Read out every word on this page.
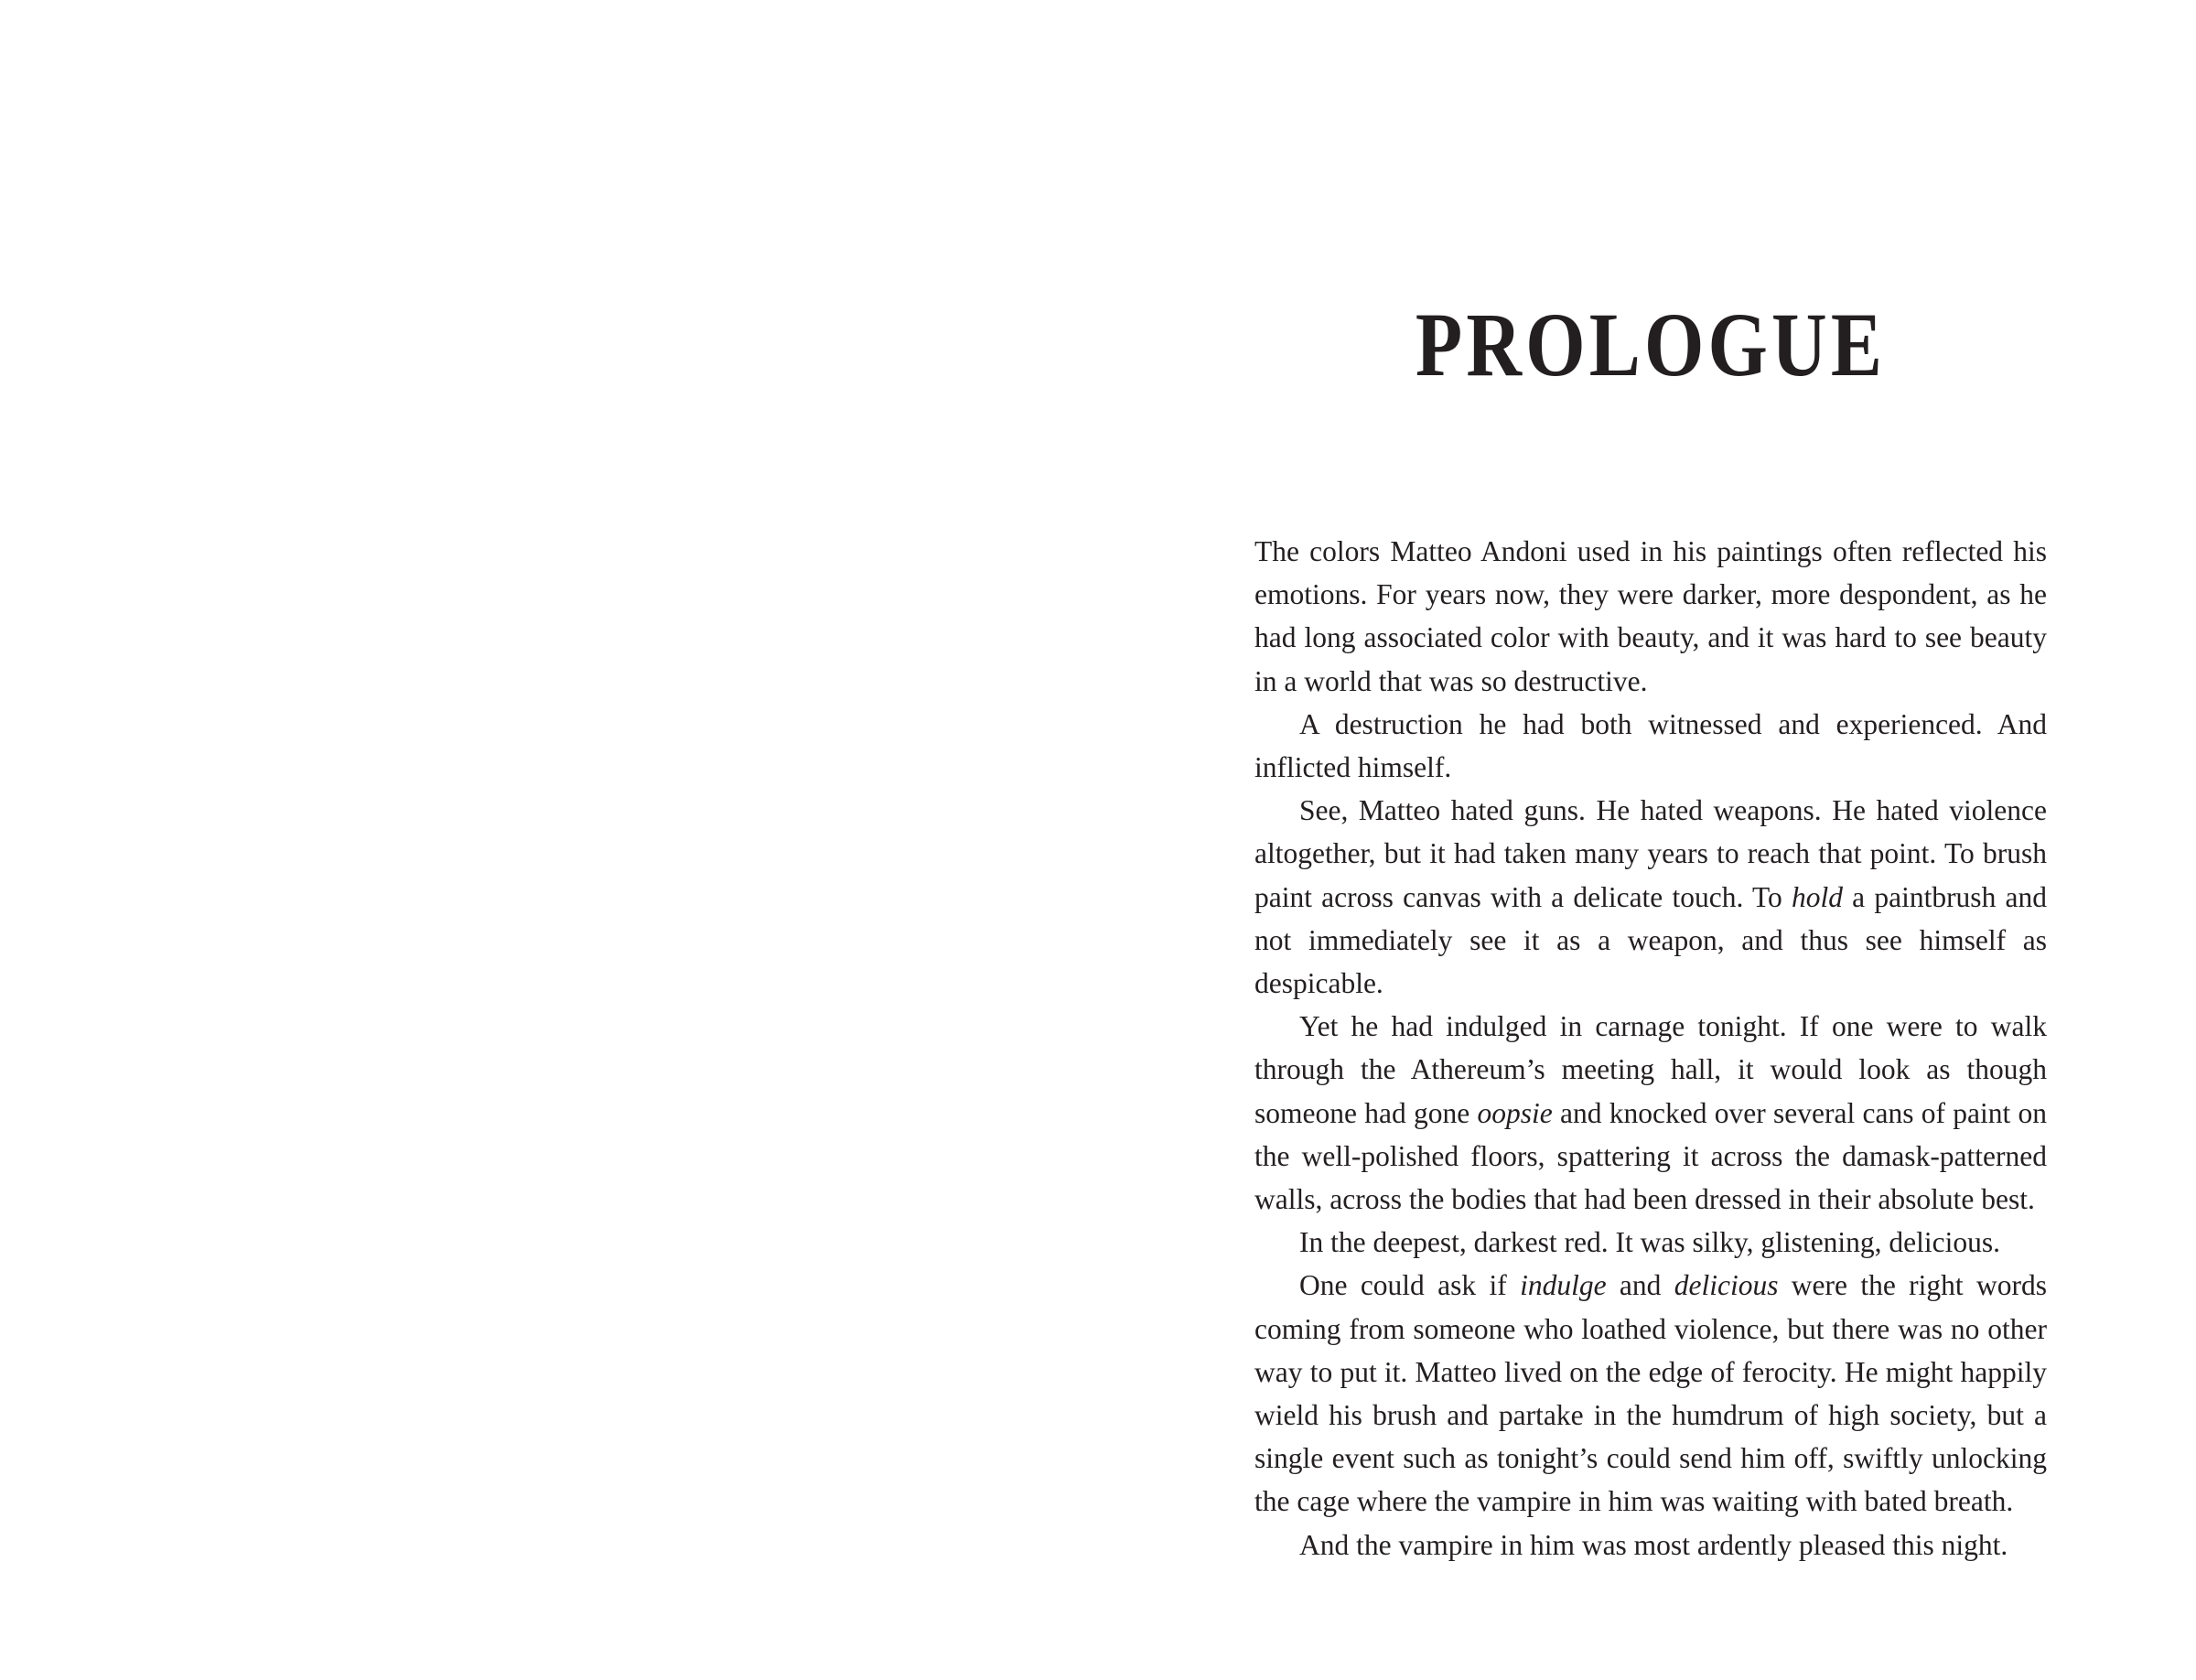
PROLOGUE

The colors Matteo Andoni used in his paintings often reflected his emotions. For years now, they were darker, more despondent, as he had long associated color with beauty, and it was hard to see beauty in a world that was so destructive.

A destruction he had both witnessed and experienced. And inflicted himself.

See, Matteo hated guns. He hated weapons. He hated violence altogether, but it had taken many years to reach that point. To brush paint across canvas with a delicate touch. To hold a paintbrush and not immediately see it as a weapon, and thus see himself as despicable.

Yet he had indulged in carnage tonight. If one were to walk through the Athereum’s meeting hall, it would look as though someone had gone oopsie and knocked over several cans of paint on the well-polished floors, spattering it across the damask-patterned walls, across the bodies that had been dressed in their absolute best.

In the deepest, darkest red. It was silky, glistening, delicious.

One could ask if indulge and delicious were the right words coming from someone who loathed violence, but there was no other way to put it. Matteo lived on the edge of ferocity. He might happily wield his brush and partake in the humdrum of high society, but a single event such as tonight’s could send him off, swiftly unlocking the cage where the vampire in him was waiting with bated breath.

And the vampire in him was most ardently pleased this night.
